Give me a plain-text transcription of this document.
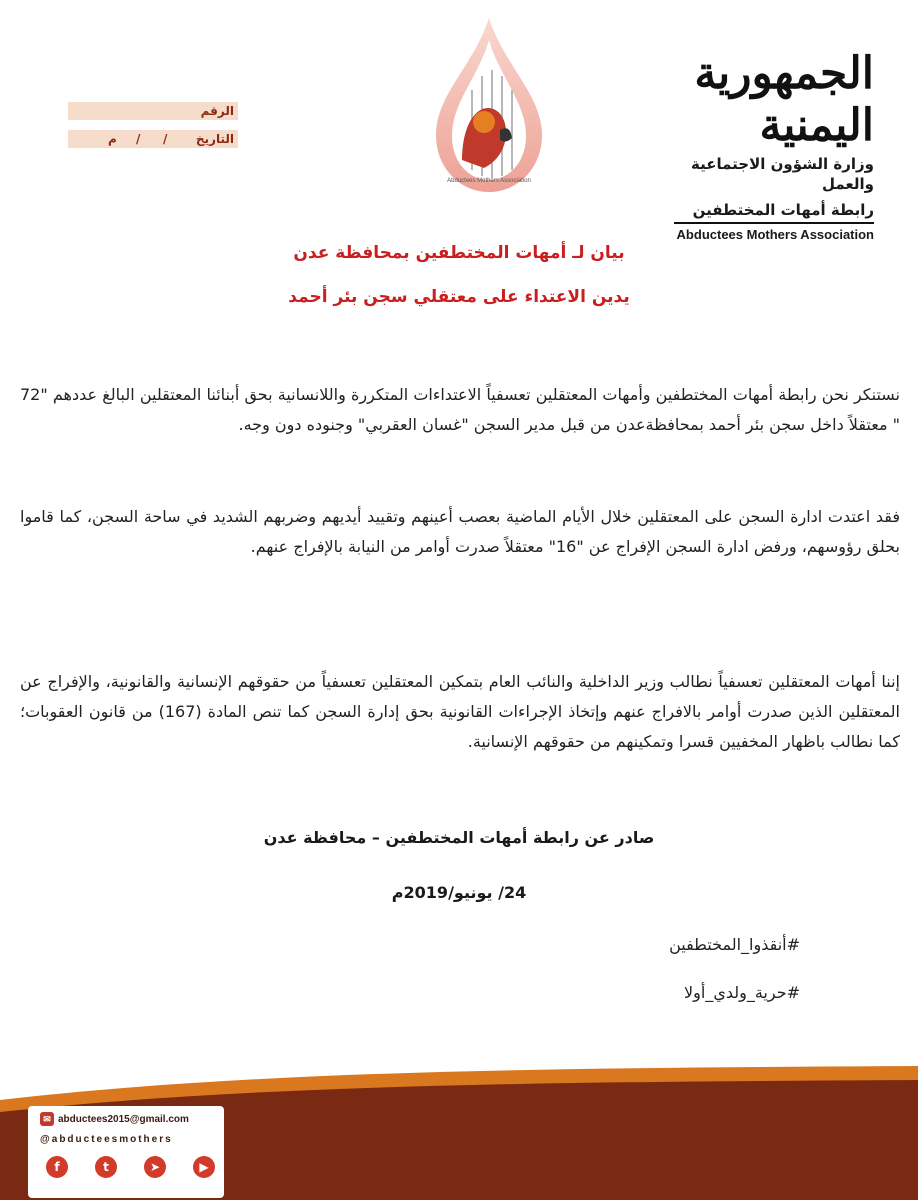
الجمهورية اليمنية
وزارة الشؤون الاجتماعية والعمل
رابطة أمهات المختطفين
Abductees Mothers Association
Abductees Mothers Association
الرقم
التاريخ
/
/
م
بيان لـ أمهات المختطفين بمحافظة عدن
يدين الاعتداء على معتقلي سجن بئر أحمد
نستنكر نحن رابطة أمهات المختطفين وأمهات المعتقلين تعسفياً الاعتداءات المتكررة واللانسانية بحق أبنائنا المعتقلين البالغ عددهم "72 " معتقلاً داخل سجن بئر أحمد بمحافظةعدن من قبل مدير السجن "غسان العقربي" وجنوده دون وجه.
فقد اعتدت ادارة السجن على المعتقلين خلال الأيام الماضية بعصب أعينهم وتقييد أيديهم وضربهم الشديد في ساحة السجن، كما قاموا بحلق رؤوسهم، ورفض ادارة السجن الإفراج عن "16" معتقلاً صدرت أوامر من النيابة بالإفراج عنهم.
إننا أمهات المعتقلين تعسفياً نطالب وزير الداخلية والنائب العام بتمكين المعتقلين تعسفياً من حقوقهم الإنسانية والقانونية، والإفراج عن المعتقلين الذين صدرت أوامر بالافراج عنهم وإتخاذ الإجراءات القانونية بحق إدارة السجن كما تنص المادة (167) من قانون العقوبات؛ كما نطالب باظهار المخفيين قسرا وتمكينهم من حقوقهم الإنسانية.
صادر عن رابطة أمهات المختطفين – محافظة عدن
24/ يونيو/2019م
#أنقذوا_المختطفين
#حرية_ولدي_أولا
✉ abductees2015@gmail.com
@abducteesmothers
f	t	➤	▶
